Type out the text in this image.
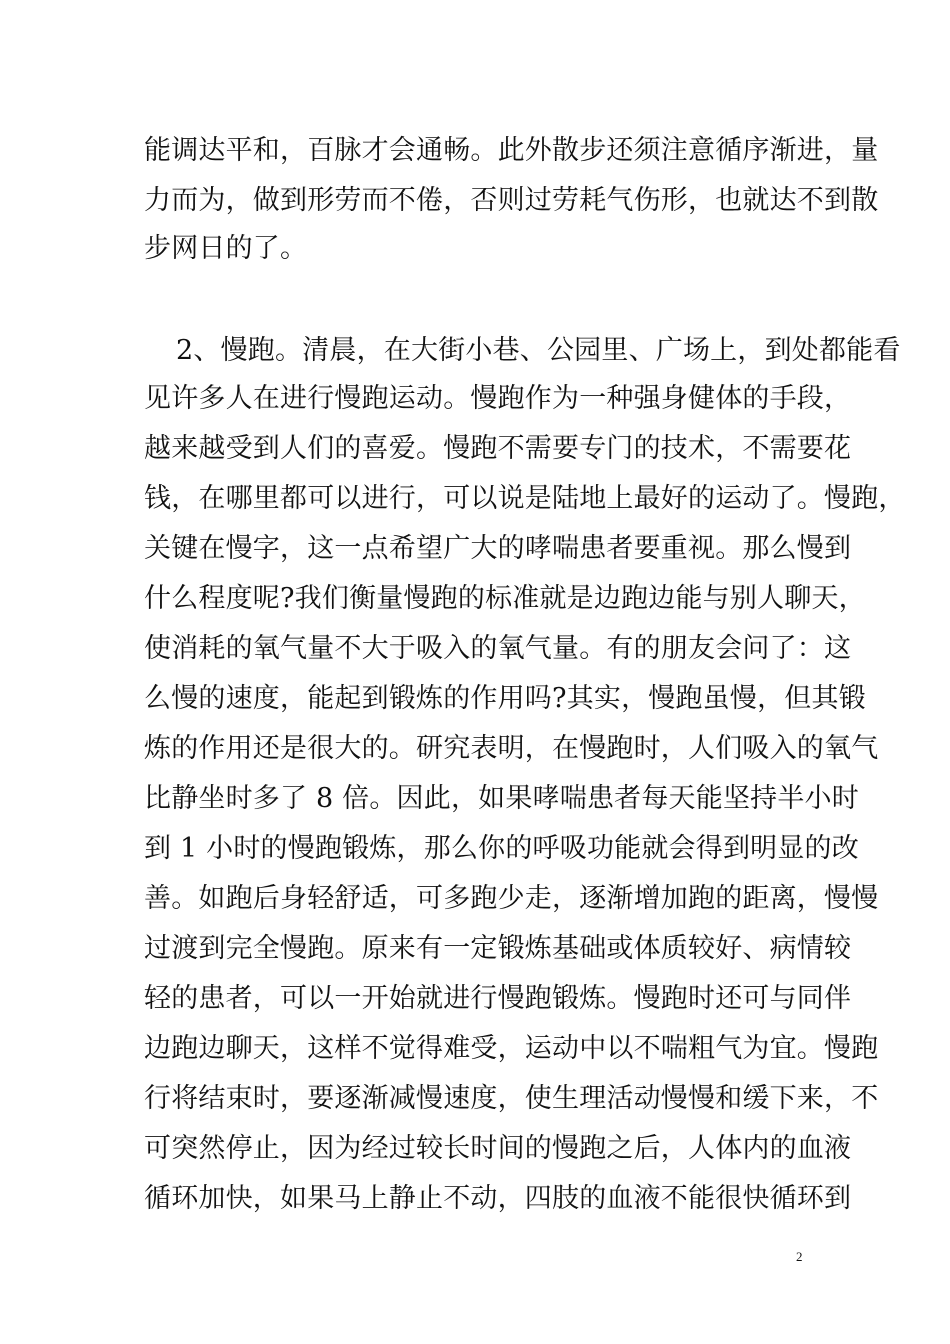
能调达平和，百脉才会通畅。此外散步还须注意循序渐进，量
力而为，做到形劳而不倦，否则过劳耗气伤形，也就达不到散
步网日的了。
2、慢跑。清晨，在大街小巷、公园里、广场上，到处都能看
见许多人在进行慢跑运动。慢跑作为一种强身健体的手段，
越来越受到人们的喜爱。慢跑不需要专门的技术，不需要花
钱，在哪里都可以进行，可以说是陆地上最好的运动了。慢跑，
关键在慢字，这一点希望广大的哮喘患者要重视。那么慢到
什么程度呢?我们衡量慢跑的标准就是边跑边能与别人聊天，
使消耗的氧气量不大于吸入的氧气量。有的朋友会问了：这
么慢的速度，能起到锻炼的作用吗?其实，慢跑虽慢，但其锻
炼的作用还是很大的。研究表明，在慢跑时，人们吸入的氧气
比静坐时多了 8 倍。因此，如果哮喘患者每天能坚持半小时
到 1 小时的慢跑锻炼，那么你的呼吸功能就会得到明显的改
善。如跑后身轻舒适，可多跑少走，逐渐增加跑的距离，慢慢
过渡到完全慢跑。原来有一定锻炼基础或体质较好、病情较
轻的患者，可以一开始就进行慢跑锻炼。慢跑时还可与同伴
边跑边聊天，这样不觉得难受，运动中以不喘粗气为宜。慢跑
行将结束时，要逐渐减慢速度，使生理活动慢慢和缓下来，不
可突然停止，因为经过较长时间的慢跑之后，人体内的血液
循环加快，如果马上静止不动，四肢的血液不能很快循环到
2
